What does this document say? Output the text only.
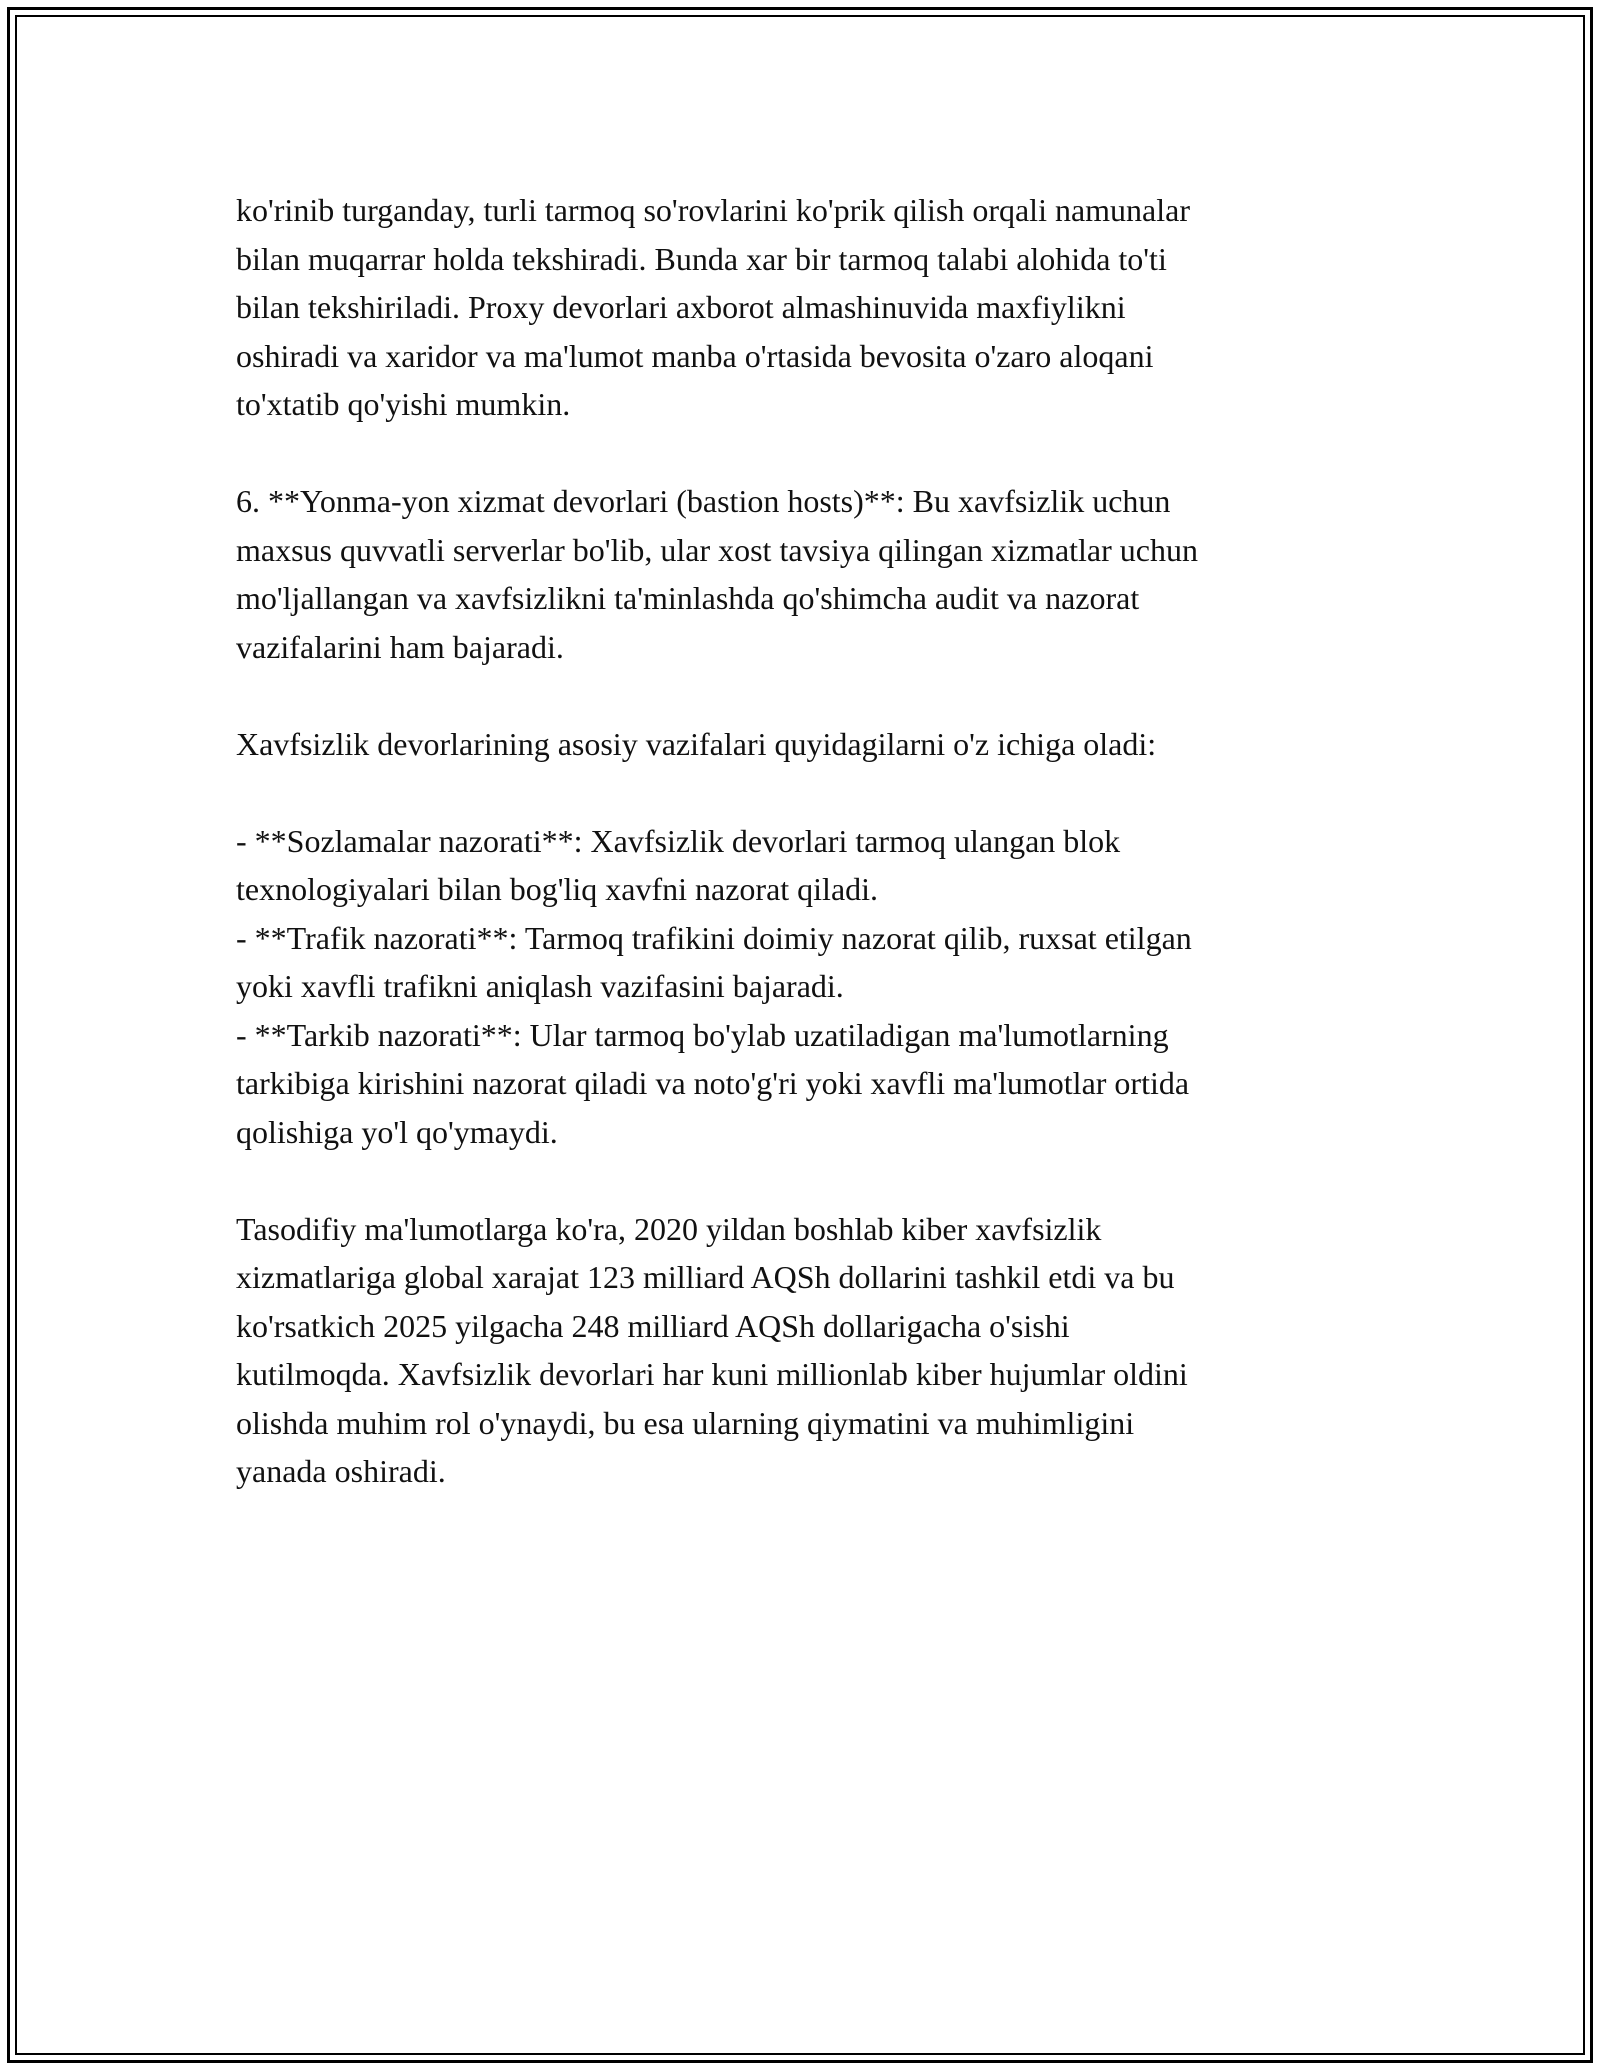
ko'rinib turganday, turli tarmoq so'rovlarini ko'prik qilish orqali namunalar
bilan muqarrar holda tekshiradi. Bunda xar bir tarmoq talabi alohida to'ti
bilan tekshiriladi. Proxy devorlari axborot almashinuvida maxfiylikni
oshiradi va xaridor va ma'lumot manba o'rtasida bevosita o'zaro aloqani
to'xtatib qo'yishi mumkin.

6. **Yonma-yon xizmat devorlari (bastion hosts)**: Bu xavfsizlik uchun
maxsus quvvatli serverlar bo'lib, ular xost tavsiya qilingan xizmatlar uchun
mo'ljallangan va xavfsizlikni ta'minlashda qo'shimcha audit va nazorat
vazifalarini ham bajaradi.

Xavfsizlik devorlarining asosiy vazifalari quyidagilarni o'z ichiga oladi:

- **Sozlamalar nazorati**: Xavfsizlik devorlari tarmoq ulangan blok
texnologiyalari bilan bog'liq xavfni nazorat qiladi.
- **Trafik nazorati**: Tarmoq trafikini doimiy nazorat qilib, ruxsat etilgan
yoki xavfli trafikni aniqlash vazifasini bajaradi.
- **Tarkib nazorati**: Ular tarmoq bo'ylab uzatiladigan ma'lumotlarning
tarkibiga kirishini nazorat qiladi va noto'g'ri yoki xavfli ma'lumotlar ortida
qolishiga yo'l qo'ymaydi.

Tasodifiy ma'lumotlarga ko'ra, 2020 yildan boshlab kiber xavfsizlik
xizmatlariga global xarajat 123 milliard AQSh dollarini tashkil etdi va bu
ko'rsatkich 2025 yilgacha 248 milliard AQSh dollarigacha o'sishi
kutilmoqda. Xavfsizlik devorlari har kuni millionlab kiber hujumlar oldini
olishda muhim rol o'ynaydi, bu esa ularning qiymatini va muhimligini
yanada oshiradi.
